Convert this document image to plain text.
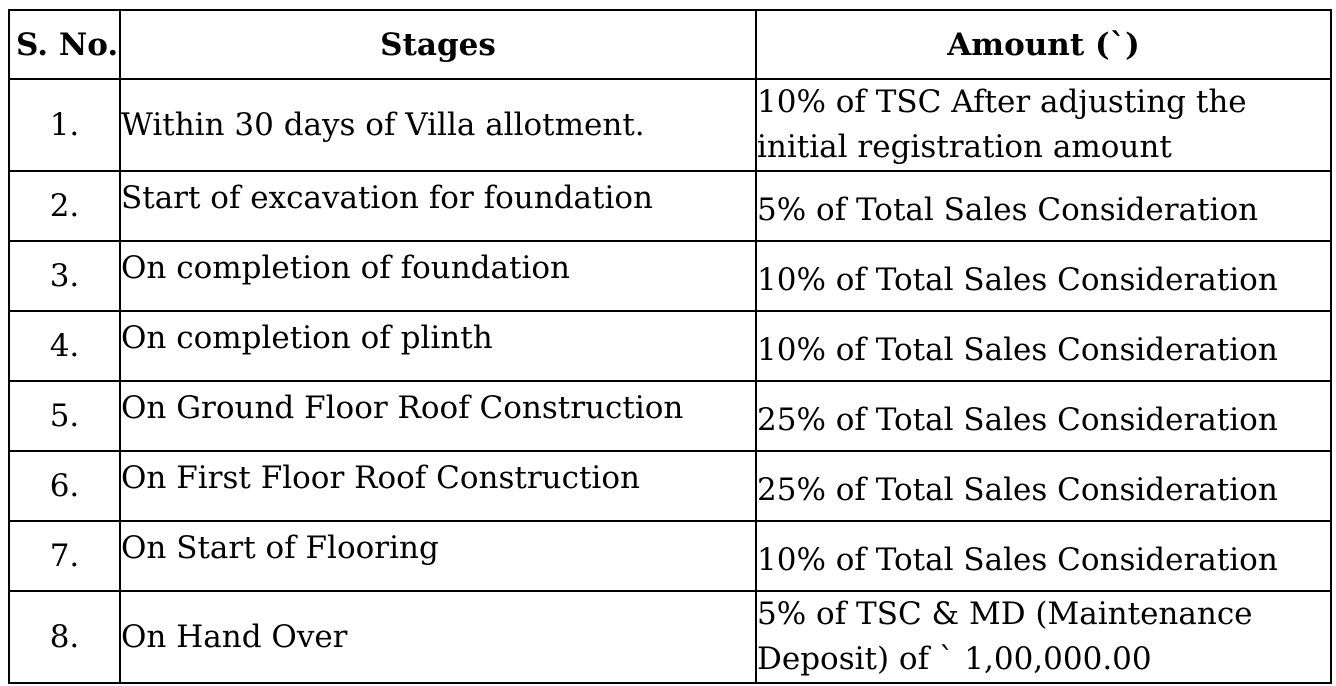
S. No.	Stages	Amount (`)
1.	Within 30 days of Villa allotment.	10% of TSC After adjusting the initial registration amount

2.	Start of excavation for foundation	5% of Total Sales Consideration

3.	On completion of foundation	10% of Total Sales Consideration

4.	On completion of plinth	10% of Total Sales Consideration

5.	On Ground Floor Roof Construction	25% of Total Sales Consideration

6.	On First Floor Roof Construction	25% of Total Sales Consideration

7.	On Start of Flooring	10% of Total Sales Consideration

8.	On Hand Over	5% of TSC & MD (Maintenance Deposit) of ` 1,00,000.00
